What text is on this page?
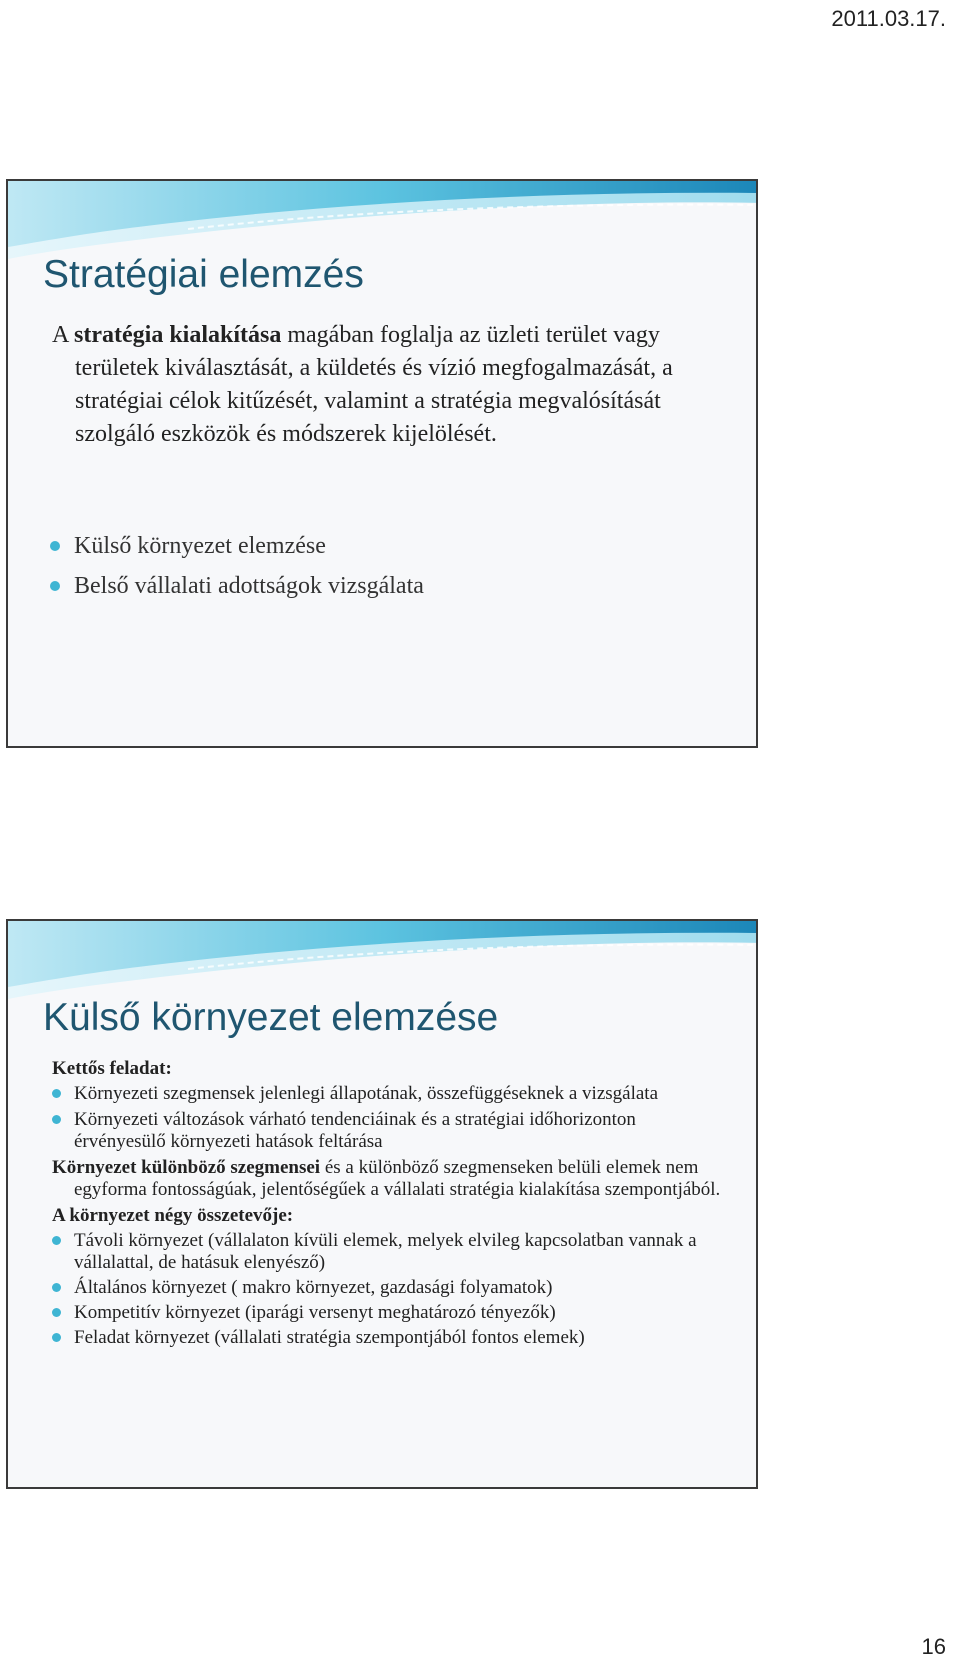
2011.03.17.
Stratégiai elemzés

A stratégia kialakítása magában foglalja az üzleti terület vagy területek kiválasztását, a küldetés és vízió megfogalmazását, a stratégiai célok kitűzését, valamint a stratégia megvalósítását szolgáló eszközök és módszerek kijelölését.

Külső környezet elemzése
Belső vállalati adottságok vizsgálata
Külső környezet elemzése

Kettős feladat:

Környezeti szegmensek jelenlegi állapotának, összefüggéseknek a vizsgálata
Környezeti változások várható tendenciáinak és a stratégiai időhorizonton érvényesülő környezeti hatások feltárása

Környezet különböző szegmensei és a különböző szegmenseken belüli elemek nem egyforma fontosságúak, jelentőségűek a vállalati stratégia kialakítása szempontjából.

A környezet négy összetevője:

Távoli környezet (vállalaton kívüli elemek, melyek elvileg kapcsolatban vannak a vállalattal, de hatásuk elenyésző)
Általános környezet ( makro környezet, gazdasági folyamatok)
Kompetitív környezet (iparági versenyt meghatározó tényezők)
Feladat környezet (vállalati stratégia szempontjából fontos elemek)
16
